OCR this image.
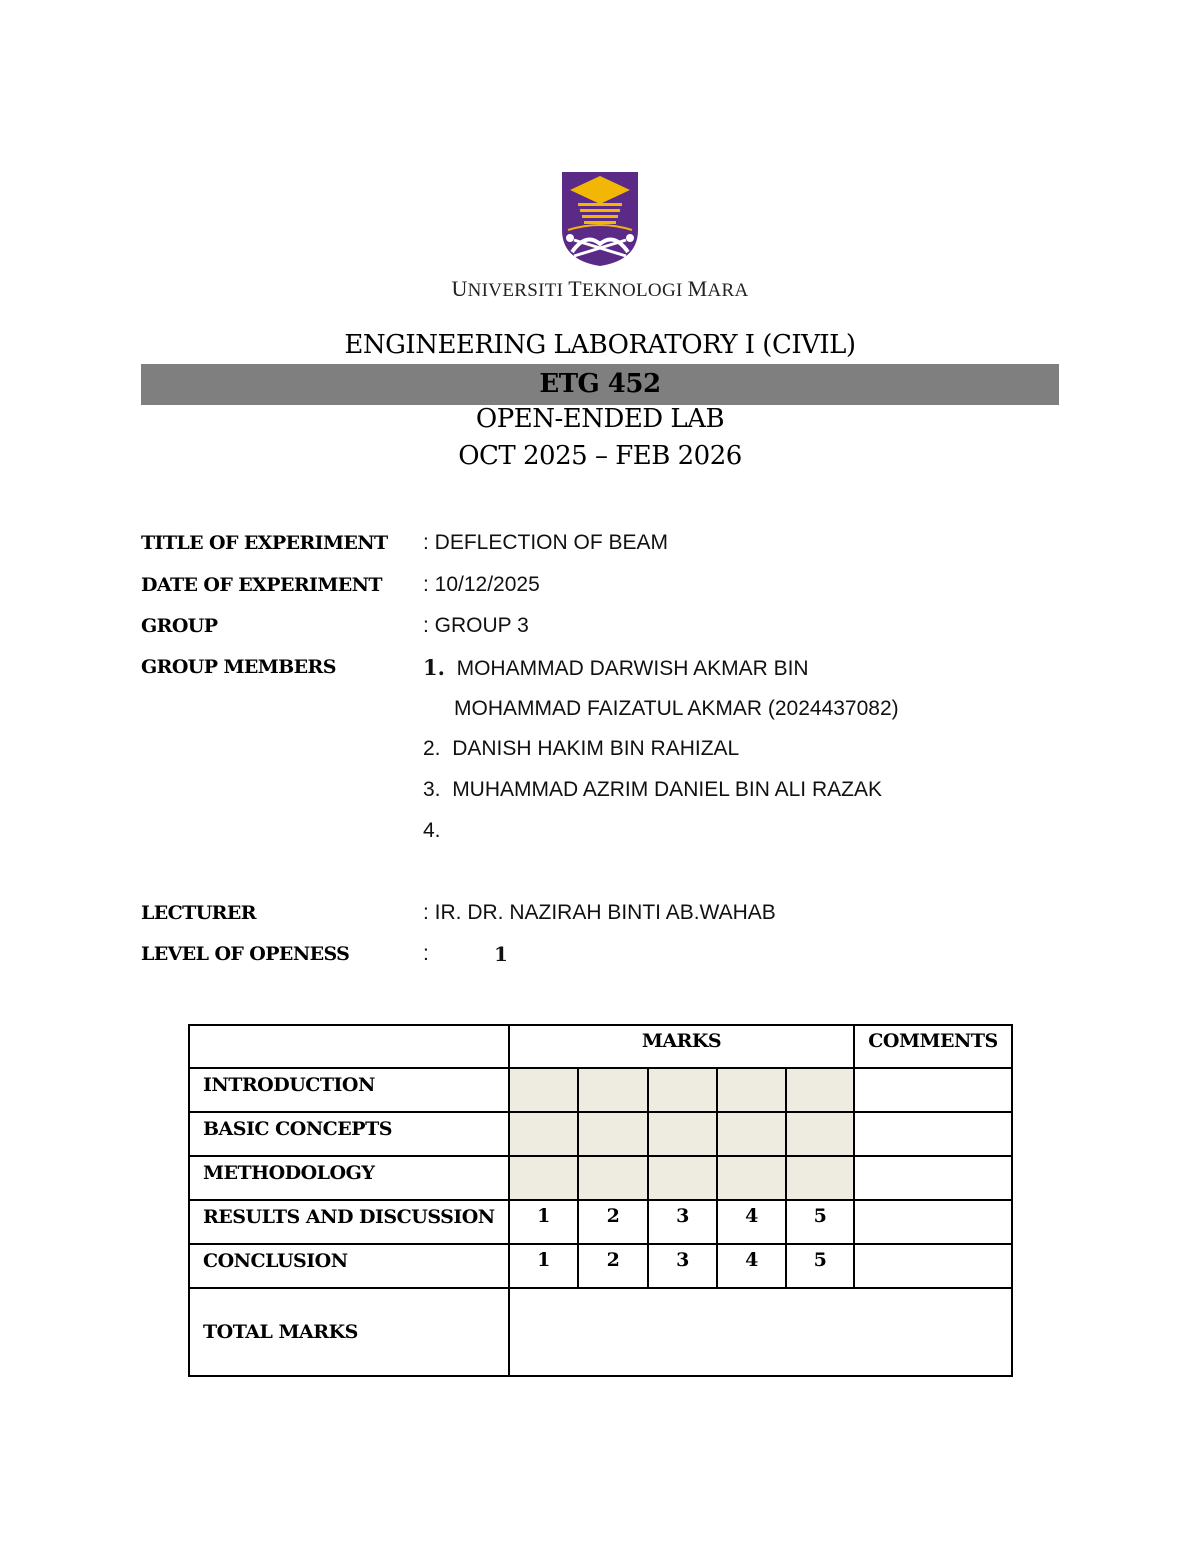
UNIVERSITI TEKNOLOGI MARA
ENGINEERING LABORATORY I (CIVIL)
ETG 452
OPEN-ENDED LAB
OCT 2025 – FEB 2026
TITLE OF EXPERIMENT : DEFLECTION OF BEAM
DATE OF EXPERIMENT : 10/12/2025
GROUP	: GROUP 3
GROUP MEMBERS	1. MOHAMMAD DARWISH AKMAR BIN
MOHAMMAD FAIZATUL AKMAR (2024437082)
2. DANISH HAKIM BIN RAHIZAL
3. MUHAMMAD AZRIM DANIEL BIN ALI RAZAK
4.
LECTURER	: IR. DR. NAZIRAH BINTI AB.WAHAB
LEVEL OF OPENESS	:	1
	MARKS					COMMENTS
INTRODUCTION						
BASIC CONCEPTS						
METHODOLOGY						
RESULTS AND DISCUSSION	1	2	3	4	5	
CONCLUSION	1	2	3	4	5	
TOTAL MARKS						
